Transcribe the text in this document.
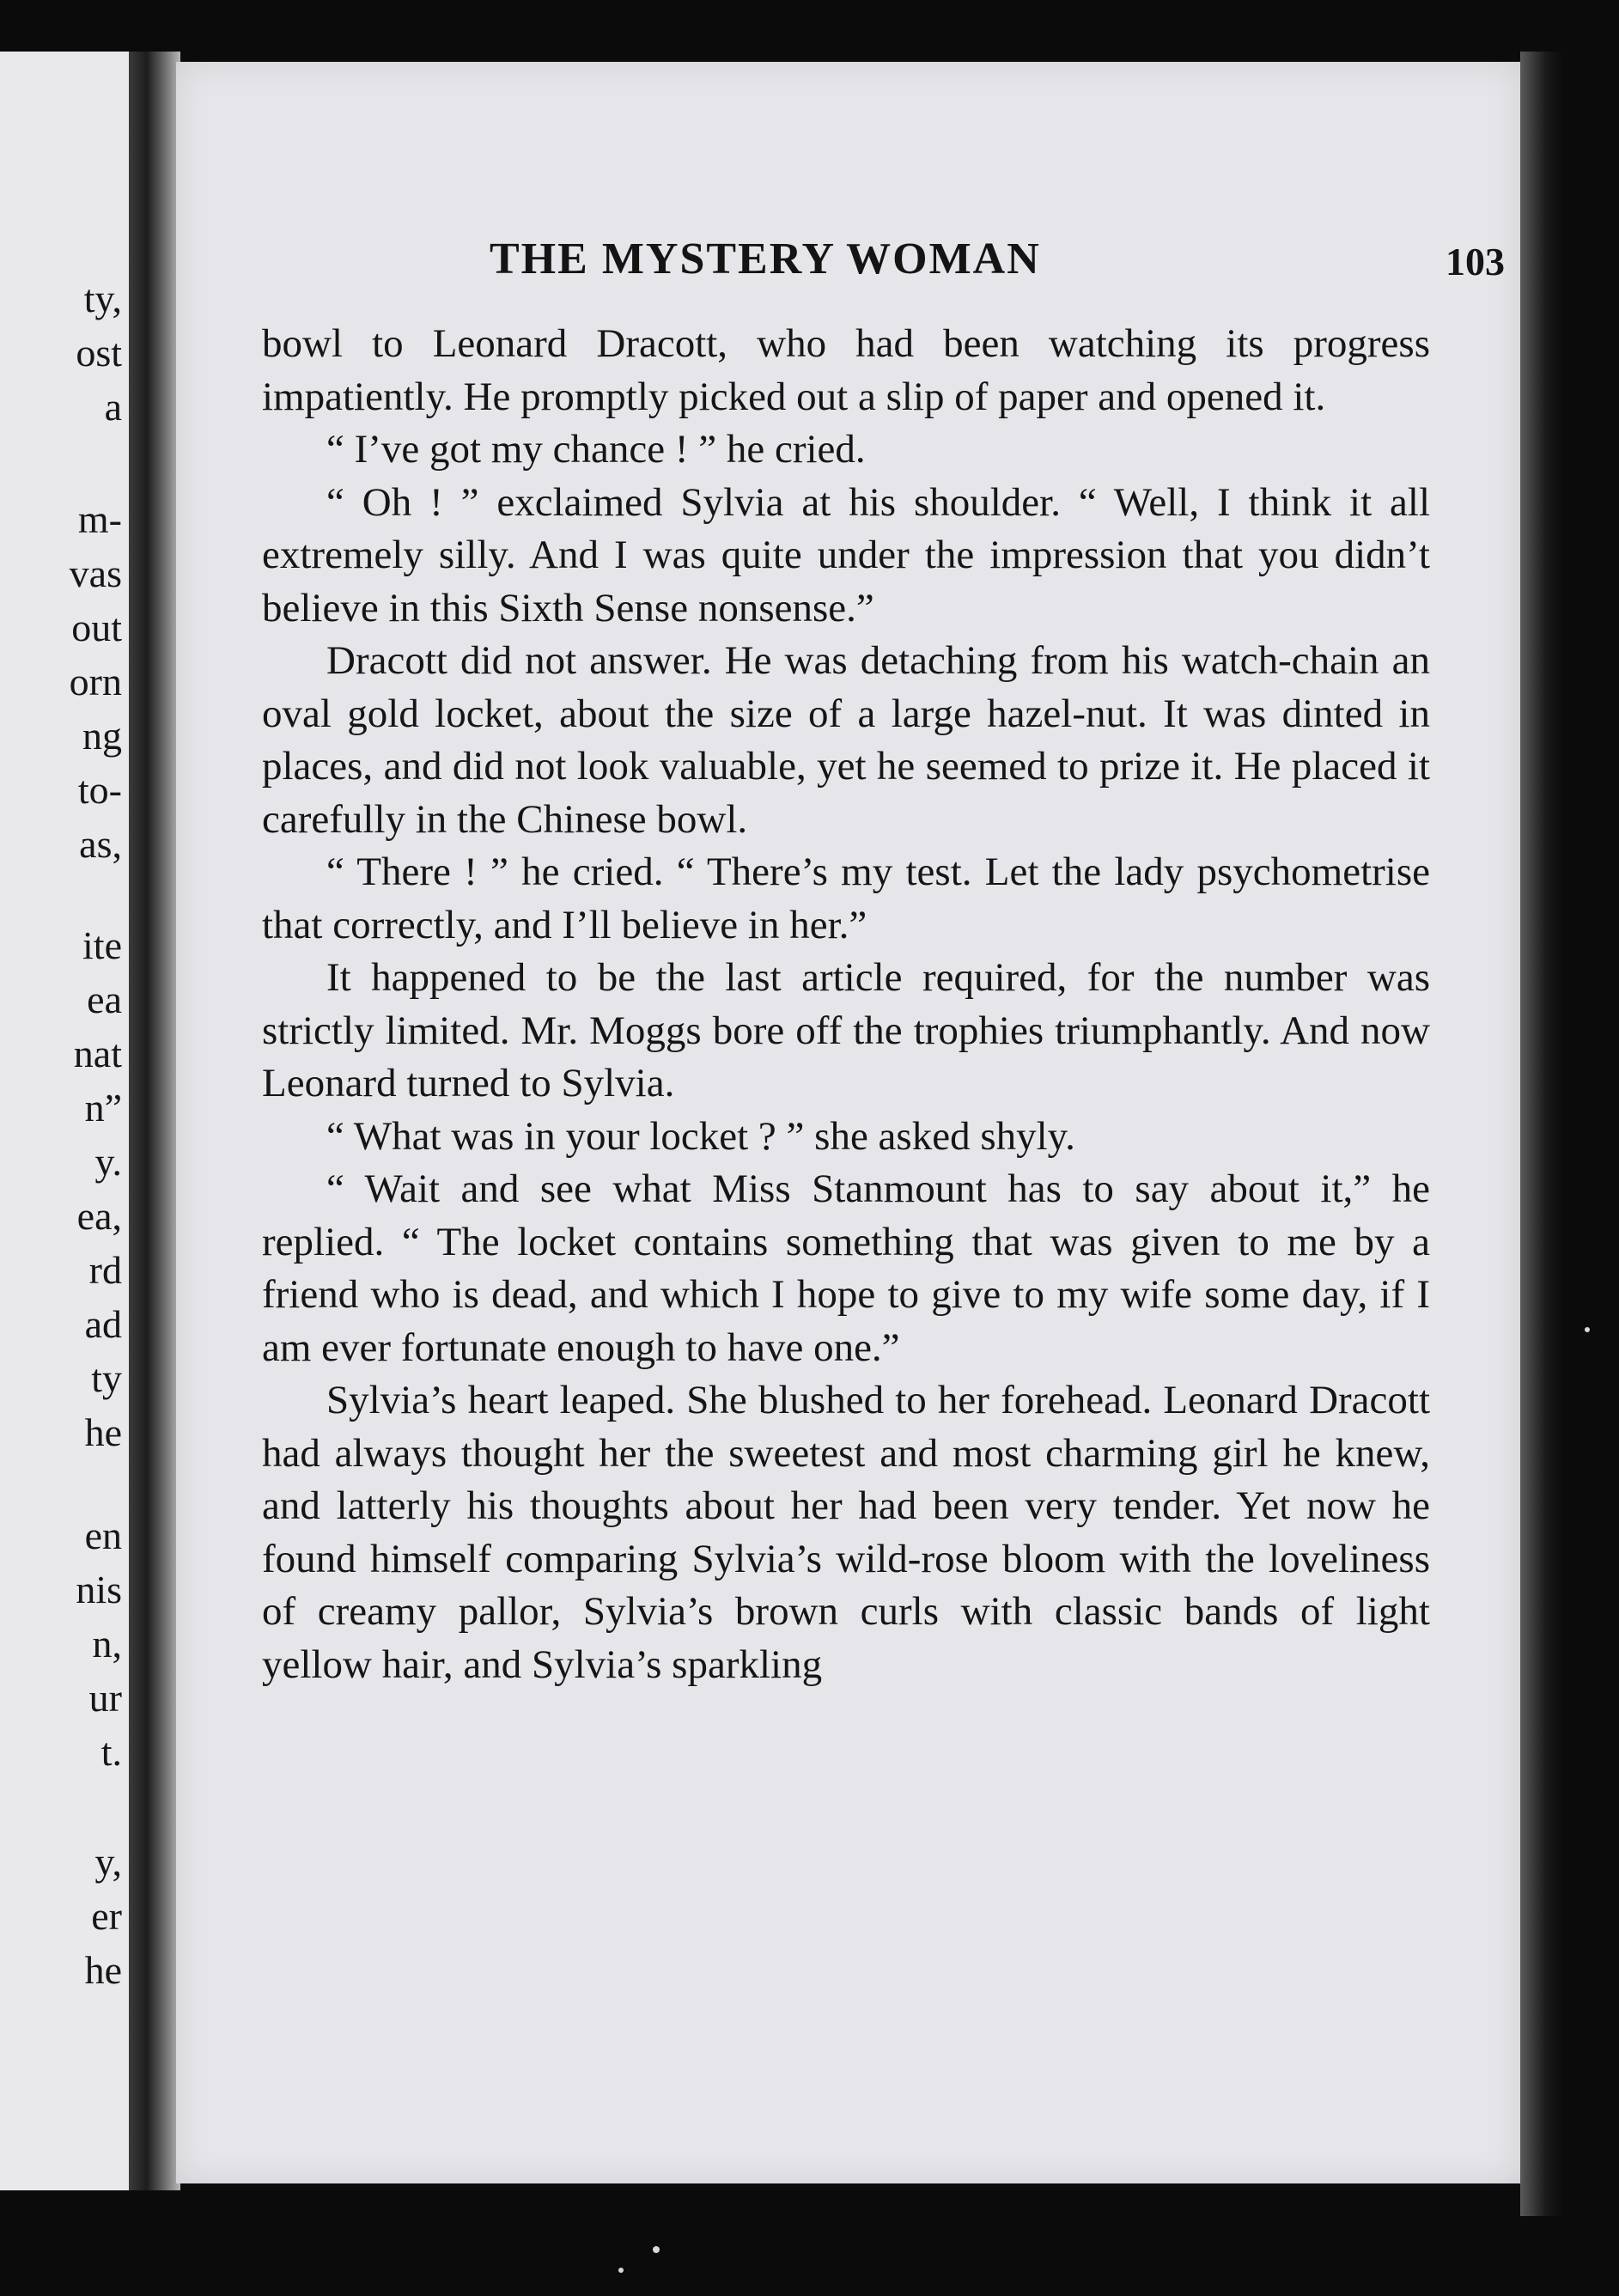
ty,
ost
a
m-
vas
out
orn
ng
to-
as,
ite
ea
nat
n”
y.
ea,
rd
ad
ty
he
en
nis
n,
ur
t.
y,
er
he
THE MYSTERY WOMAN	103

bowl to Leonard Dracott, who had been watching its progress impatiently. He promptly picked out a slip of paper and opened it.

“ I’ve got my chance ! ” he cried.

“ Oh ! ” exclaimed Sylvia at his shoulder. “ Well, I think it all extremely silly. And I was quite under the impression that you didn’t believe in this Sixth Sense nonsense.”

Dracott did not answer. He was detaching from his watch-chain an oval gold locket, about the size of a large hazel-nut. It was dinted in places, and did not look valuable, yet he seemed to prize it. He placed it carefully in the Chinese bowl.

“ There ! ” he cried. “ There’s my test. Let the lady psychometrise that correctly, and I’ll believe in her.”

It happened to be the last article required, for the number was strictly limited. Mr. Moggs bore off the trophies triumphantly. And now Leonard turned to Sylvia.

“ What was in your locket ? ” she asked shyly.

“ Wait and see what Miss Stanmount has to say about it,” he replied. “ The locket contains something that was given to me by a friend who is dead, and which I hope to give to my wife some day, if I am ever fortunate enough to have one.”

Sylvia’s heart leaped. She blushed to her forehead. Leonard Dracott had always thought her the sweetest and most charming girl he knew, and latterly his thoughts about her had been very tender. Yet now he found himself comparing Sylvia’s wild-rose bloom with the loveliness of creamy pallor, Sylvia’s brown curls with classic bands of light yellow hair, and Sylvia’s sparkling
